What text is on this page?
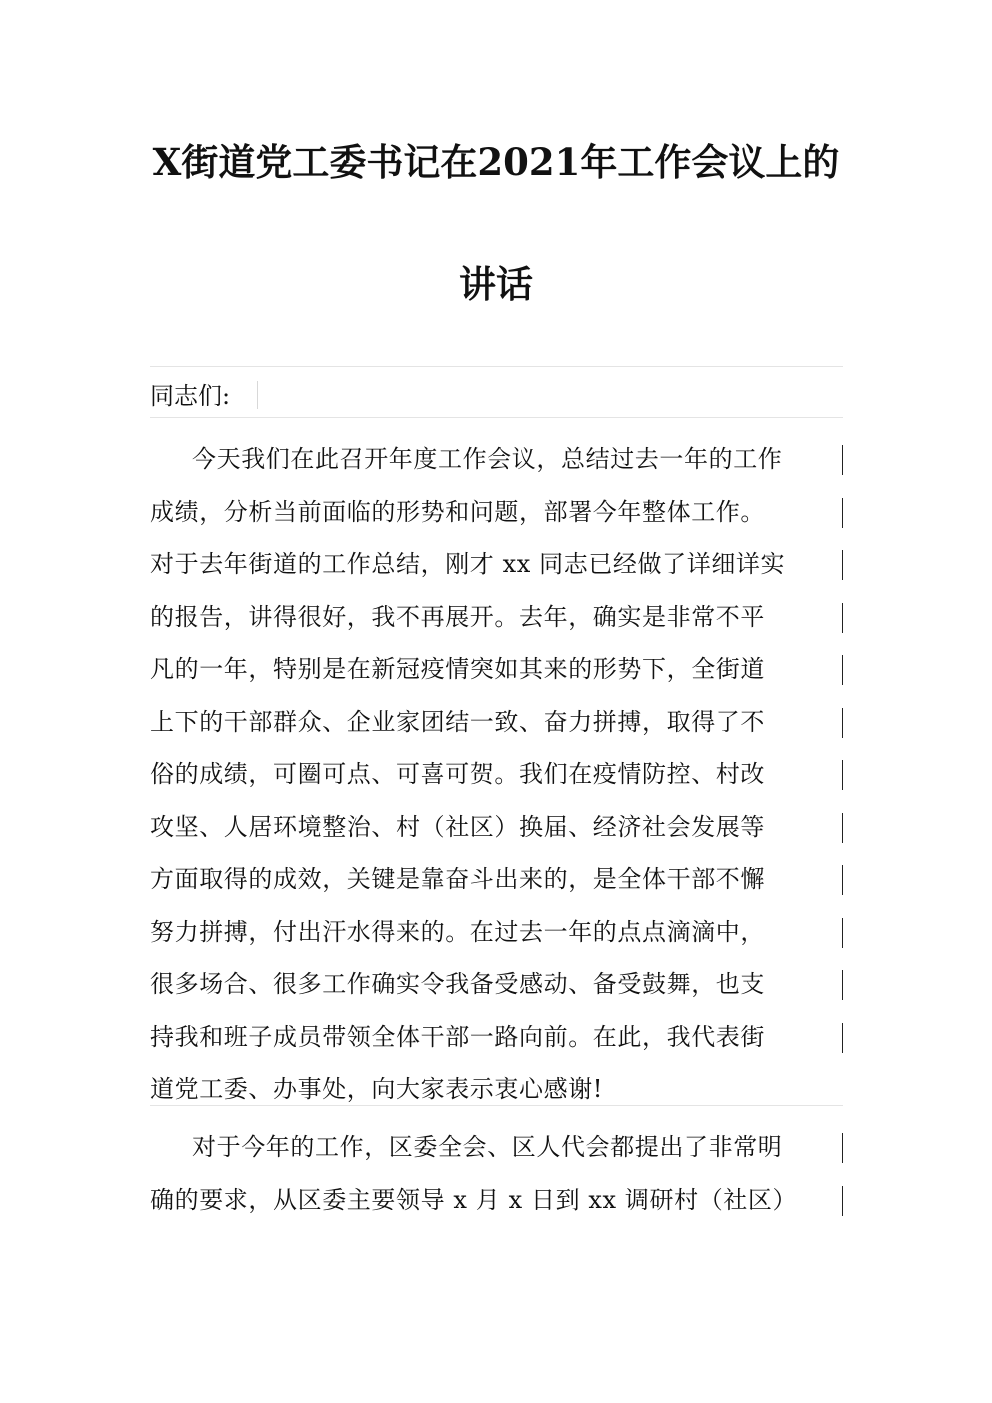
X街道党工委书记在2021年工作会议上的
讲话
同志们:
今天我们在此召开年度工作会议，总结过去一年的工作
成绩，分析当前面临的形势和问题，部署今年整体工作。
对于去年街道的工作总结，刚才 xx 同志已经做了详细详实
的报告，讲得很好，我不再展开。去年，确实是非常不平
凡的一年，特别是在新冠疫情突如其来的形势下，全街道
上下的干部群众、企业家团结一致、奋力拼搏，取得了不
俗的成绩，可圈可点、可喜可贺。我们在疫情防控、村改
攻坚、人居环境整治、村（社区）换届、经济社会发展等
方面取得的成效，关键是靠奋斗出来的，是全体干部不懈
努力拼搏，付出汗水得来的。在过去一年的点点滴滴中，
很多场合、很多工作确实令我备受感动、备受鼓舞，也支
持我和班子成员带领全体干部一路向前。在此，我代表街
道党工委、办事处，向大家表示衷心感谢!
对于今年的工作，区委全会、区人代会都提出了非常明
确的要求，从区委主要领导 x 月 x 日到 xx 调研村（社区）
